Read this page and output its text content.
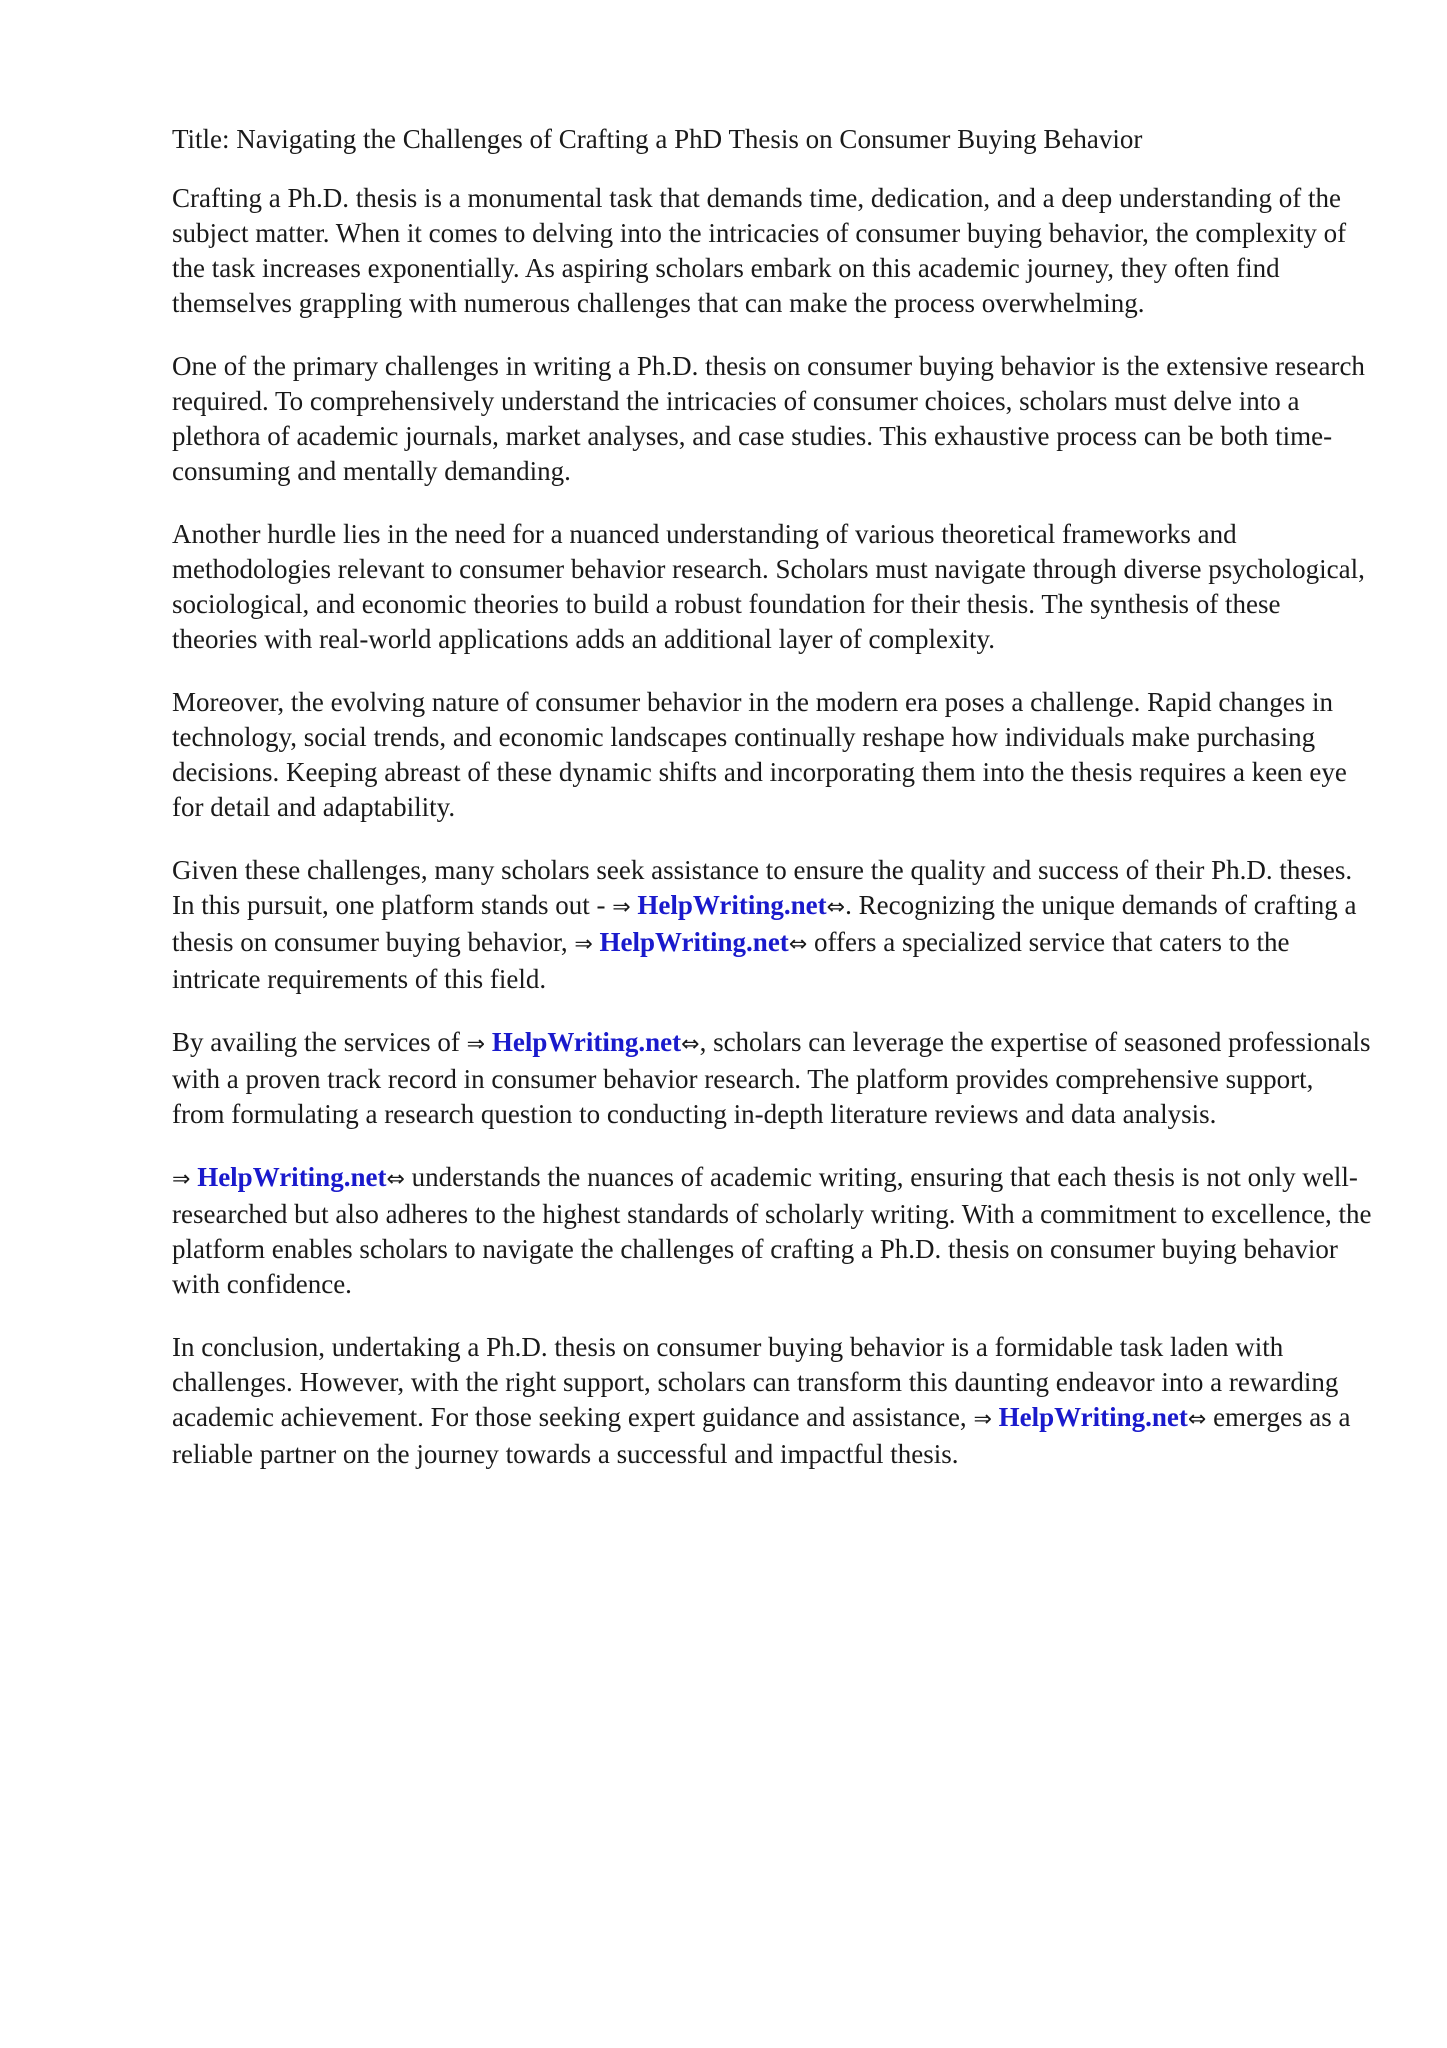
Title: Navigating the Challenges of Crafting a PhD Thesis on Consumer Buying Behavior

Crafting a Ph.D. thesis is a monumental task that demands time, dedication, and a deep understanding of the subject matter. When it comes to delving into the intricacies of consumer buying behavior, the complexity of the task increases exponentially. As aspiring scholars embark on this academic journey, they often find themselves grappling with numerous challenges that can make the process overwhelming.

One of the primary challenges in writing a Ph.D. thesis on consumer buying behavior is the extensive research required. To comprehensively understand the intricacies of consumer choices, scholars must delve into a plethora of academic journals, market analyses, and case studies. This exhaustive process can be both time-consuming and mentally demanding.

Another hurdle lies in the need for a nuanced understanding of various theoretical frameworks and methodologies relevant to consumer behavior research. Scholars must navigate through diverse psychological, sociological, and economic theories to build a robust foundation for their thesis. The synthesis of these theories with real-world applications adds an additional layer of complexity.

Moreover, the evolving nature of consumer behavior in the modern era poses a challenge. Rapid changes in technology, social trends, and economic landscapes continually reshape how individuals make purchasing decisions. Keeping abreast of these dynamic shifts and incorporating them into the thesis requires a keen eye for detail and adaptability.

Given these challenges, many scholars seek assistance to ensure the quality and success of their Ph.D. theses. In this pursuit, one platform stands out - ⇒ HelpWriting.net⇔. Recognizing the unique demands of crafting a thesis on consumer buying behavior, ⇒ HelpWriting.net⇔ offers a specialized service that caters to the intricate requirements of this field.

By availing the services of ⇒ HelpWriting.net⇔, scholars can leverage the expertise of seasoned professionals with a proven track record in consumer behavior research. The platform provides comprehensive support, from formulating a research question to conducting in-depth literature reviews and data analysis.

⇒ HelpWriting.net⇔ understands the nuances of academic writing, ensuring that each thesis is not only well-researched but also adheres to the highest standards of scholarly writing. With a commitment to excellence, the platform enables scholars to navigate the challenges of crafting a Ph.D. thesis on consumer buying behavior with confidence.

In conclusion, undertaking a Ph.D. thesis on consumer buying behavior is a formidable task laden with challenges. However, with the right support, scholars can transform this daunting endeavor into a rewarding academic achievement. For those seeking expert guidance and assistance, ⇒ HelpWriting.net⇔ emerges as a reliable partner on the journey towards a successful and impactful thesis.
